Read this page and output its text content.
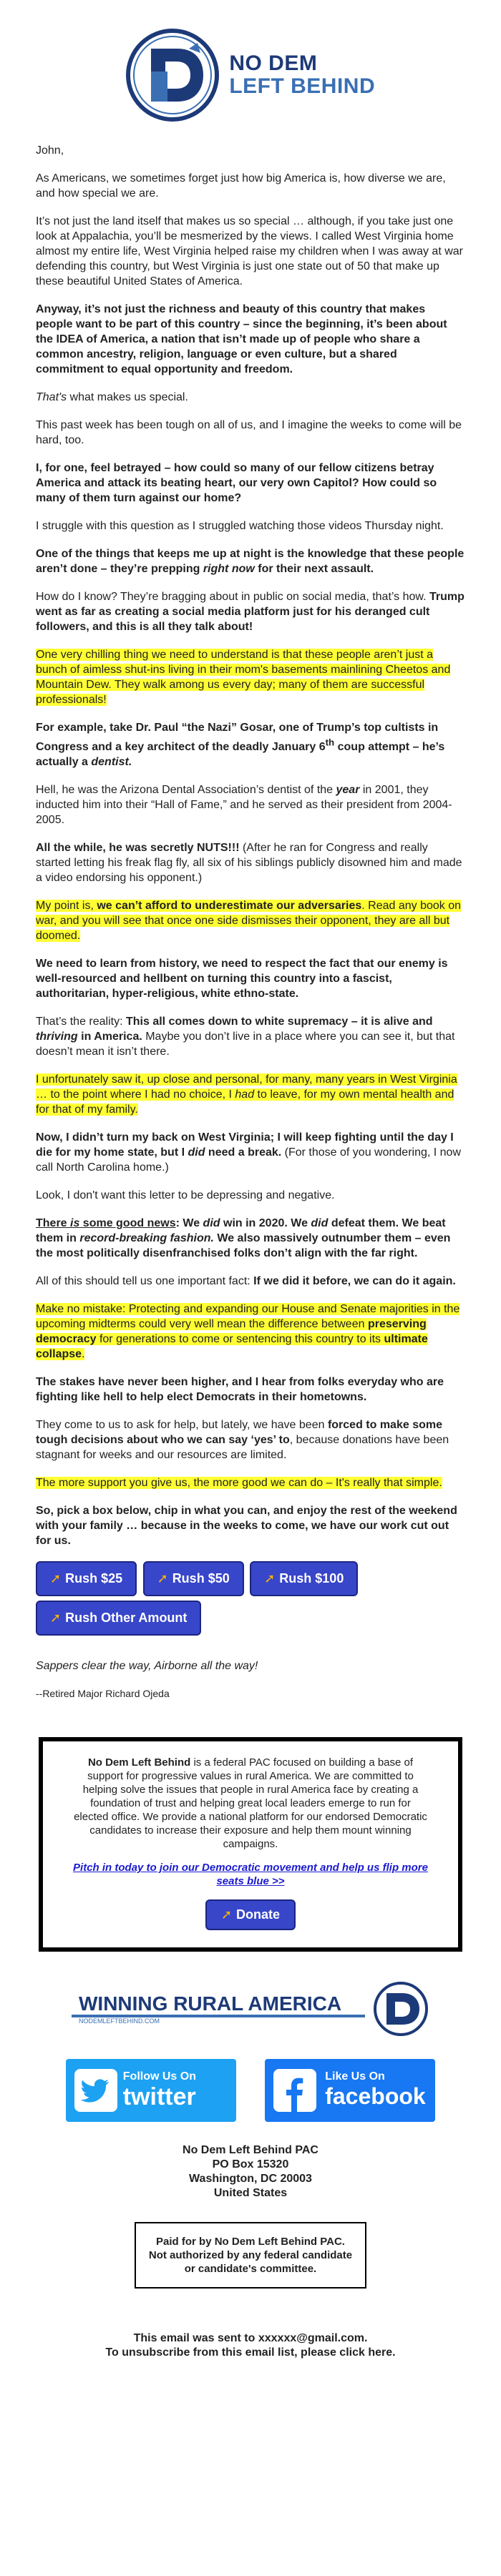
NO DEM
LEFT BEHIND

John,

As Americans, we sometimes forget just how big America is, how diverse we are, and how special we are.

It’s not just the land itself that makes us so special … although, if you take just one look at Appalachia, you’ll be mesmerized by the views. I called West Virginia home almost my entire life, West Virginia helped raise my children when I was away at war defending this country, but West Virginia is just one state out of 50 that make up these beautiful United States of America.

Anyway, it’s not just the richness and beauty of this country that makes people want to be part of this country – since the beginning, it’s been about the IDEA of America, a nation that isn’t made up of people who share a common ancestry, religion, language or even culture, but a shared commitment to equal opportunity and freedom.

That's what makes us special.

This past week has been tough on all of us, and I imagine the weeks to come will be hard, too.

I, for one, feel betrayed – how could so many of our fellow citizens betray America and attack its beating heart, our very own Capitol? How could so many of them turn against our home?

I struggle with this question as I struggled watching those videos Thursday night.

One of the things that keeps me up at night is the knowledge that these people aren’t done – they’re prepping right now for their next assault.

How do I know? They’re bragging about in public on social media, that’s how. Trump went as far as creating a social media platform just for his deranged cult followers, and this is all they talk about!

One very chilling thing we need to understand is that these people aren’t just a bunch of aimless shut-ins living in their mom's basements mainlining Cheetos and Mountain Dew. They walk among us every day; many of them are successful professionals!

For example, take Dr. Paul “the Nazi” Gosar, one of Trump’s top cultists in Congress and a key architect of the deadly January 6th coup attempt – he’s actually a dentist.

Hell, he was the Arizona Dental Association’s dentist of the year in 2001, they inducted him into their “Hall of Fame,” and he served as their president from 2004-2005.

All the while, he was secretly NUTS!!! (After he ran for Congress and really started letting his freak flag fly, all six of his siblings publicly disowned him and made a video endorsing his opponent.)

My point is, we can’t afford to underestimate our adversaries. Read any book on war, and you will see that once one side dismisses their opponent, they are all but doomed.

We need to learn from history, we need to respect the fact that our enemy is well-resourced and hellbent on turning this country into a fascist, authoritarian, hyper-religious, white ethno-state.

That’s the reality: This all comes down to white supremacy – it is alive and thriving in America. Maybe you don’t live in a place where you can see it, but that doesn’t mean it isn’t there.

I unfortunately saw it, up close and personal, for many, many years in West Virginia … to the point where I had no choice, I had to leave, for my own mental health and for that of my family.

Now, I didn’t turn my back on West Virginia; I will keep fighting until the day I die for my home state, but I did need a break. (For those of you wondering, I now call North Carolina home.)

Look, I don't want this letter to be depressing and negative.

There is some good news: We did win in 2020. We did defeat them. We beat them in record-breaking fashion. We also massively outnumber them – even the most politically disenfranchised folks don’t align with the far right.

All of this should tell us one important fact: If we did it before, we can do it again.

Make no mistake: Protecting and expanding our House and Senate majorities in the upcoming midterms could very well mean the difference between preserving democracy for generations to come or sentencing this country to its ultimate collapse.

The stakes have never been higher, and I hear from folks everyday who are fighting like hell to help elect Democrats in their hometowns.

They come to us to ask for help, but lately, we have been forced to make some tough decisions about who we can say ‘yes’ to, because donations have been stagnant for weeks and our resources are limited.

The more support you give us, the more good we can do – It's really that simple.

So, pick a box below, chip in what you can, and enjoy the rest of the weekend with your family … because in the weeks to come, we have our work cut out for us.

➚ Rush $25	➚ Rush $50	➚ Rush $100 ➚ Rush Other Amount

Sappers clear the way, Airborne all the way!

--Retired Major Richard Ojeda

No Dem Left Behind is a federal PAC focused on building a base of support for progressive values in rural America. We are committed to helping solve the issues that people in rural America face by creating a foundation of trust and helping great local leaders emerge to run for elected office. We provide a national platform for our endorsed Democratic candidates to increase their exposure and help them mount winning campaigns.
Pitch in today to join our Democratic movement and help us flip more seats blue >>
➚ Donate
WINNING RURAL AMERICA
NODEMLEFTBEHIND.COM
Follow Us On
twitter

Like Us On
facebook
No Dem Left Behind PAC
PO Box 15320
Washington, DC 20003
United States
Paid for by No Dem Left Behind PAC.
Not authorized by any federal candidate or candidate's committee.
This email was sent to xxxxxx@gmail.com.
To unsubscribe from this email list, please click here.
